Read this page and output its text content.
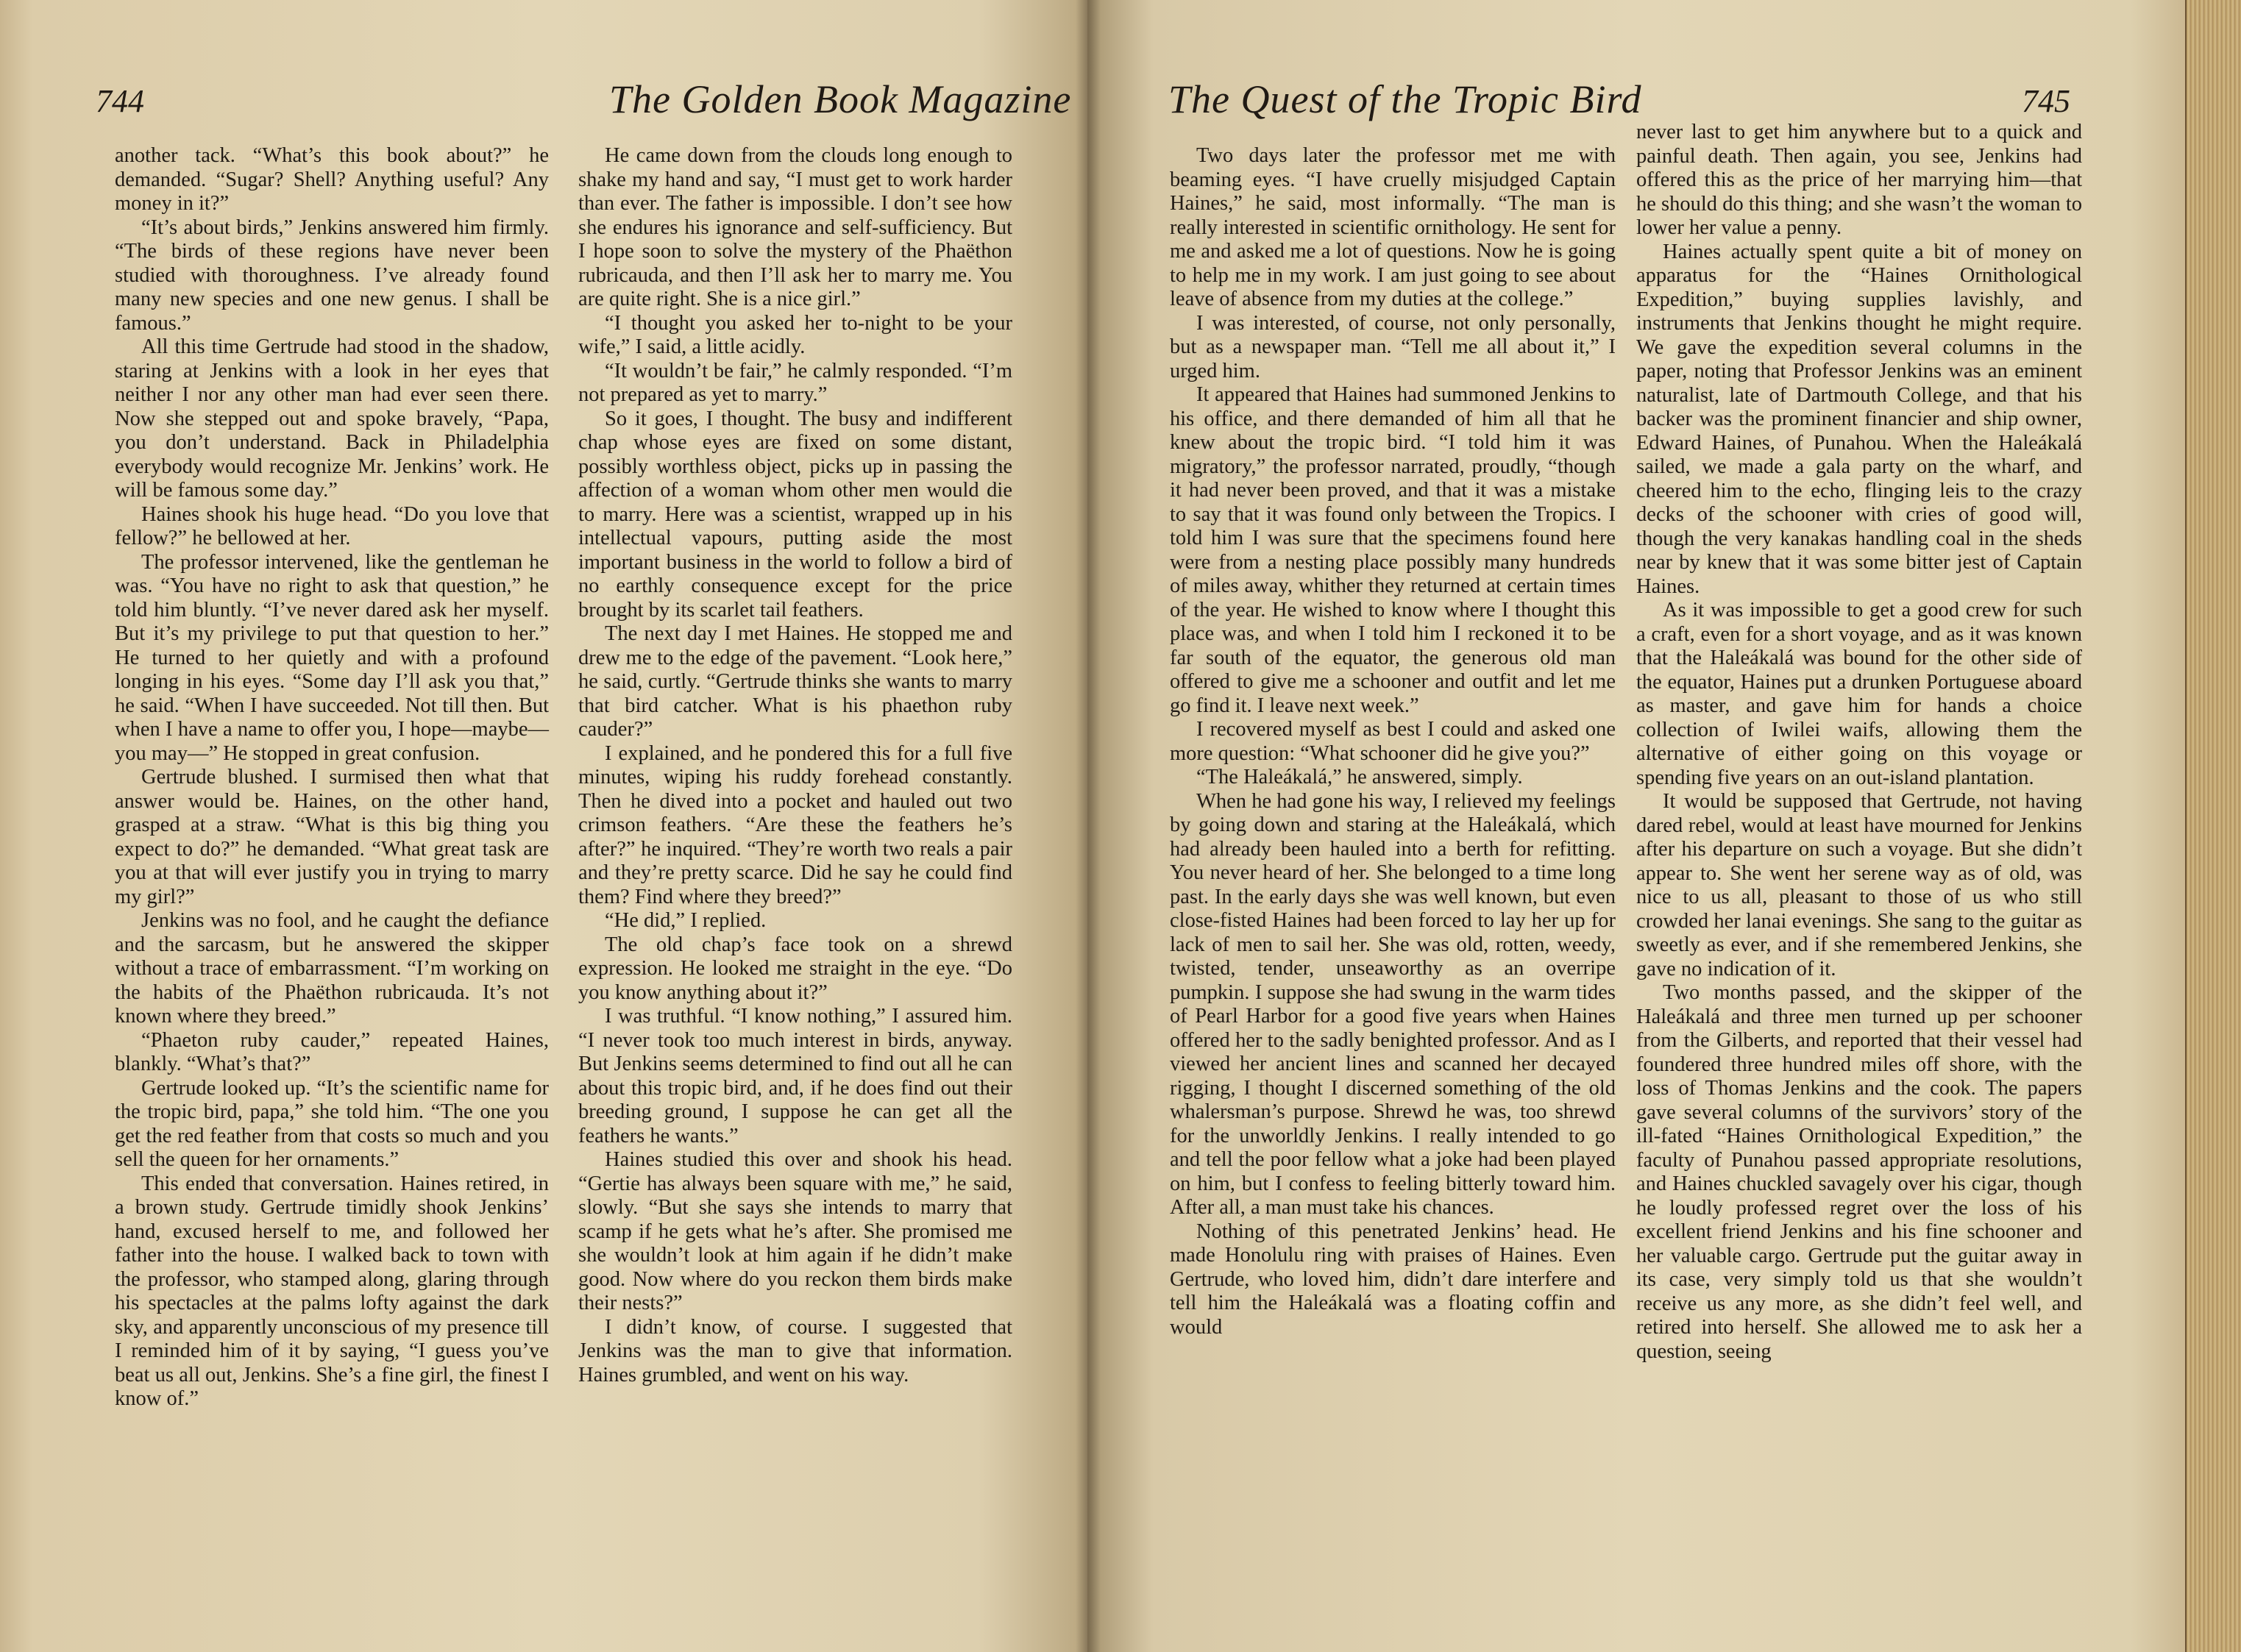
744	The Golden Book Magazine

another tack. “What’s this book about?” he demanded. “Sugar? Shell? Anything useful? Any money in it?”

“It’s about birds,” Jenkins answered him firmly. “The birds of these regions have never been studied with thoroughness. I’ve already found many new species and one new genus. I shall be famous.”

All this time Gertrude had stood in the shadow, staring at Jenkins with a look in her eyes that neither I nor any other man had ever seen there. Now she stepped out and spoke bravely, “Papa, you don’t understand. Back in Philadelphia everybody would recognize Mr. Jenkins’ work. He will be famous some day.”

Haines shook his huge head. “Do you love that fellow?” he bellowed at her.

The professor intervened, like the gentleman he was. “You have no right to ask that question,” he told him bluntly. “I’ve never dared ask her myself. But it’s my privilege to put that question to her.” He turned to her quietly and with a profound longing in his eyes. “Some day I’ll ask you that,” he said. “When I have succeeded. Not till then. But when I have a name to offer you, I hope—maybe—you may—” He stopped in great confusion.

Gertrude blushed. I surmised then what that answer would be. Haines, on the other hand, grasped at a straw. “What is this big thing you expect to do?” he demanded. “What great task are you at that will ever justify you in trying to marry my girl?”

Jenkins was no fool, and he caught the defiance and the sarcasm, but he answered the skipper without a trace of embarrassment. “I’m working on the habits of the Phaëthon rubricauda. It’s not known where they breed.”

“Phaeton ruby cauder,” repeated Haines, blankly. “What’s that?”

Gertrude looked up. “It’s the scientific name for the tropic bird, papa,” she told him. “The one you get the red feather from that costs so much and you sell the queen for her ornaments.”

This ended that conversation. Haines retired, in a brown study. Gertrude timidly shook Jenkins’ hand, excused herself to me, and followed her father into the house. I walked back to town with the professor, who stamped along, glaring through his spectacles at the palms lofty against the dark sky, and apparently unconscious of my presence till I reminded him of it by saying, “I guess you’ve beat us all out, Jenkins. She’s a fine girl, the finest I know of.”

He came down from the clouds long enough to shake my hand and say, “I must get to work harder than ever. The father is impossible. I don’t see how she endures his ignorance and self-sufficiency. But I hope soon to solve the mystery of the Phaëthon rubricauda, and then I’ll ask her to marry me. You are quite right. She is a nice girl.”

“I thought you asked her to-night to be your wife,” I said, a little acidly.

“It wouldn’t be fair,” he calmly responded. “I’m not prepared as yet to marry.”

So it goes, I thought. The busy and indifferent chap whose eyes are fixed on some distant, possibly worthless object, picks up in passing the affection of a woman whom other men would die to marry. Here was a scientist, wrapped up in his intellectual vapours, putting aside the most important business in the world to follow a bird of no earthly consequence except for the price brought by its scarlet tail feathers.

The next day I met Haines. He stopped me and drew me to the edge of the pavement. “Look here,” he said, curtly. “Gertrude thinks she wants to marry that bird catcher. What is his phaethon ruby cauder?”

I explained, and he pondered this for a full five minutes, wiping his ruddy forehead constantly. Then he dived into a pocket and hauled out two crimson feathers. “Are these the feathers he’s after?” he inquired. “They’re worth two reals a pair and they’re pretty scarce. Did he say he could find them? Find where they breed?”

“He did,” I replied.

The old chap’s face took on a shrewd expression. He looked me straight in the eye. “Do you know anything about it?”

I was truthful. “I know nothing,” I assured him. “I never took too much interest in birds, anyway. But Jenkins seems determined to find out all he can about this tropic bird, and, if he does find out their breeding ground, I suppose he can get all the feathers he wants.”

Haines studied this over and shook his head. “Gertie has always been square with me,” he said, slowly. “But she says she intends to marry that scamp if he gets what he’s after. She promised me she wouldn’t look at him again if he didn’t make good. Now where do you reckon them birds make their nests?”

I didn’t know, of course. I suggested that Jenkins was the man to give that information. Haines grumbled, and went on his way.

The Quest of the Tropic Bird	745

Two days later the professor met me with beaming eyes. “I have cruelly misjudged Captain Haines,” he said, most informally. “The man is really interested in scientific ornithology. He sent for me and asked me a lot of questions. Now he is going to help me in my work. I am just going to see about leave of absence from my duties at the college.”

I was interested, of course, not only personally, but as a newspaper man. “Tell me all about it,” I urged him.

It appeared that Haines had summoned Jenkins to his office, and there demanded of him all that he knew about the tropic bird. “I told him it was migratory,” the professor narrated, proudly, “though it had never been proved, and that it was a mistake to say that it was found only between the Tropics. I told him I was sure that the specimens found here were from a nesting place possibly many hundreds of miles away, whither they returned at certain times of the year. He wished to know where I thought this place was, and when I told him I reckoned it to be far south of the equator, the generous old man offered to give me a schooner and outfit and let me go find it. I leave next week.”

I recovered myself as best I could and asked one more question: “What schooner did he give you?”

“The Haleákalá,” he answered, simply.

When he had gone his way, I relieved my feelings by going down and staring at the Haleákalá, which had already been hauled into a berth for refitting. You never heard of her. She belonged to a time long past. In the early days she was well known, but even close-fisted Haines had been forced to lay her up for lack of men to sail her. She was old, rotten, weedy, twisted, tender, unseaworthy as an overripe pumpkin. I suppose she had swung in the warm tides of Pearl Harbor for a good five years when Haines offered her to the sadly benighted professor. And as I viewed her ancient lines and scanned her decayed rigging, I thought I discerned something of the old whalersman’s purpose. Shrewd he was, too shrewd for the unworldly Jenkins. I really intended to go and tell the poor fellow what a joke had been played on him, but I confess to feeling bitterly toward him. After all, a man must take his chances.

Nothing of this penetrated Jenkins’ head. He made Honolulu ring with praises of Haines. Even Gertrude, who loved him, didn’t dare interfere and tell him the Haleákalá was a floating coffin and would

never last to get him anywhere but to a quick and painful death. Then again, you see, Jenkins had offered this as the price of her marrying him—that he should do this thing; and she wasn’t the woman to lower her value a penny.

Haines actually spent quite a bit of money on apparatus for the “Haines Ornithological Expedition,” buying supplies lavishly, and instruments that Jenkins thought he might require. We gave the expedition several columns in the paper, noting that Professor Jenkins was an eminent naturalist, late of Dartmouth College, and that his backer was the prominent financier and ship owner, Edward Haines, of Punahou. When the Haleákalá sailed, we made a gala party on the wharf, and cheered him to the echo, flinging leis to the crazy decks of the schooner with cries of good will, though the very kanakas handling coal in the sheds near by knew that it was some bitter jest of Captain Haines.

As it was impossible to get a good crew for such a craft, even for a short voyage, and as it was known that the Haleákalá was bound for the other side of the equator, Haines put a drunken Portuguese aboard as master, and gave him for hands a choice collection of Iwilei waifs, allowing them the alternative of either going on this voyage or spending five years on an out-island plantation.

It would be supposed that Gertrude, not having dared rebel, would at least have mourned for Jenkins after his departure on such a voyage. But she didn’t appear to. She went her serene way as of old, was nice to us all, pleasant to those of us who still crowded her lanai evenings. She sang to the guitar as sweetly as ever, and if she remembered Jenkins, she gave no indication of it.

Two months passed, and the skipper of the Haleákalá and three men turned up per schooner from the Gilberts, and reported that their vessel had foundered three hundred miles off shore, with the loss of Thomas Jenkins and the cook. The papers gave several columns of the survivors’ story of the ill-fated “Haines Ornithological Expedition,” the faculty of Punahou passed appropriate resolutions, and Haines chuckled savagely over his cigar, though he loudly professed regret over the loss of his excellent friend Jenkins and his fine schooner and her valuable cargo. Gertrude put the guitar away in its case, very simply told us that she wouldn’t receive us any more, as she didn’t feel well, and retired into herself. She allowed me to ask her a question, seeing
